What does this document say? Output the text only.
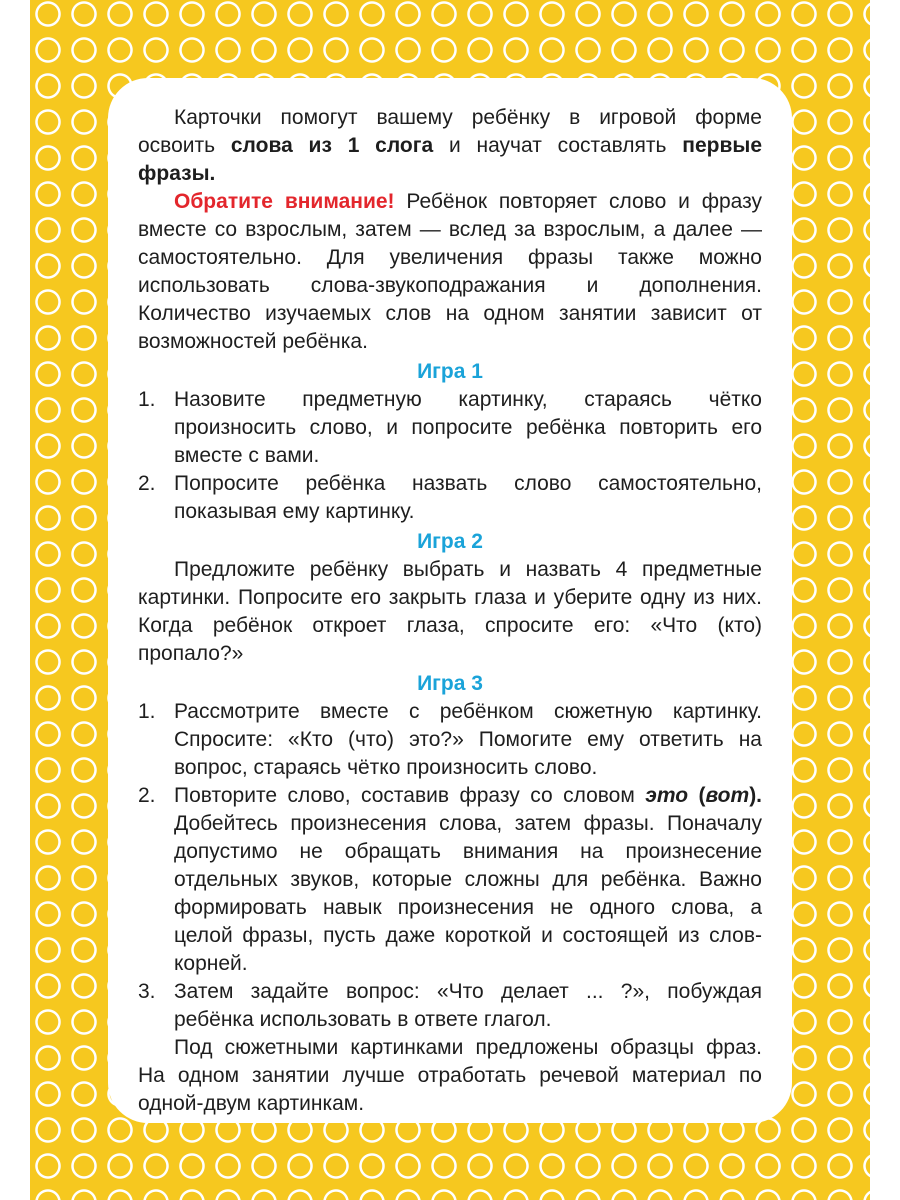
Карточки помогут вашему ребёнку в игровой форме освоить слова из 1 слога и научат составлять первые фразы.

Обратите внимание! Ребёнок повторяет слово и фразу вместе со взрослым, затем — вслед за взрослым, а далее — самостоятельно. Для увеличения фразы также можно использовать слова-звукоподражания и дополнения. Количество изучаемых слов на одном занятии зависит от возможностей ребёнка.

Игра 1
1. Назовите предметную картинку, стараясь чётко произносить слово, и попросите ребёнка повторить его вместе с вами.
2. Попросите ребёнка назвать слово самостоятельно, показывая ему картинку.
Игра 2

Предложите ребёнку выбрать и назвать 4 предметные картинки. Попросите его закрыть глаза и уберите одну из них. Когда ребёнок откроет глаза, спросите его: «Что (кто) пропало?»

Игра 3
1. Рассмотрите вместе с ребёнком сюжетную картинку. Спросите: «Кто (что) это?» Помогите ему ответить на вопрос, стараясь чётко произносить слово.
2. Повторите слово, составив фразу со словом это (вот). Добейтесь произнесения слова, затем фразы. Поначалу допустимо не обращать внимания на произнесение отдельных звуков, которые сложны для ребёнка. Важно формировать навык произнесения не одного слова, а целой фразы, пусть даже короткой и состоящей из слов-корней.
3. Затем задайте вопрос: «Что делает ... ?», побуждая ребёнка использовать в ответе глагол.

Под сюжетными картинками предложены образцы фраз. На одном занятии лучше отработать речевой материал по одной-двум картинкам.
